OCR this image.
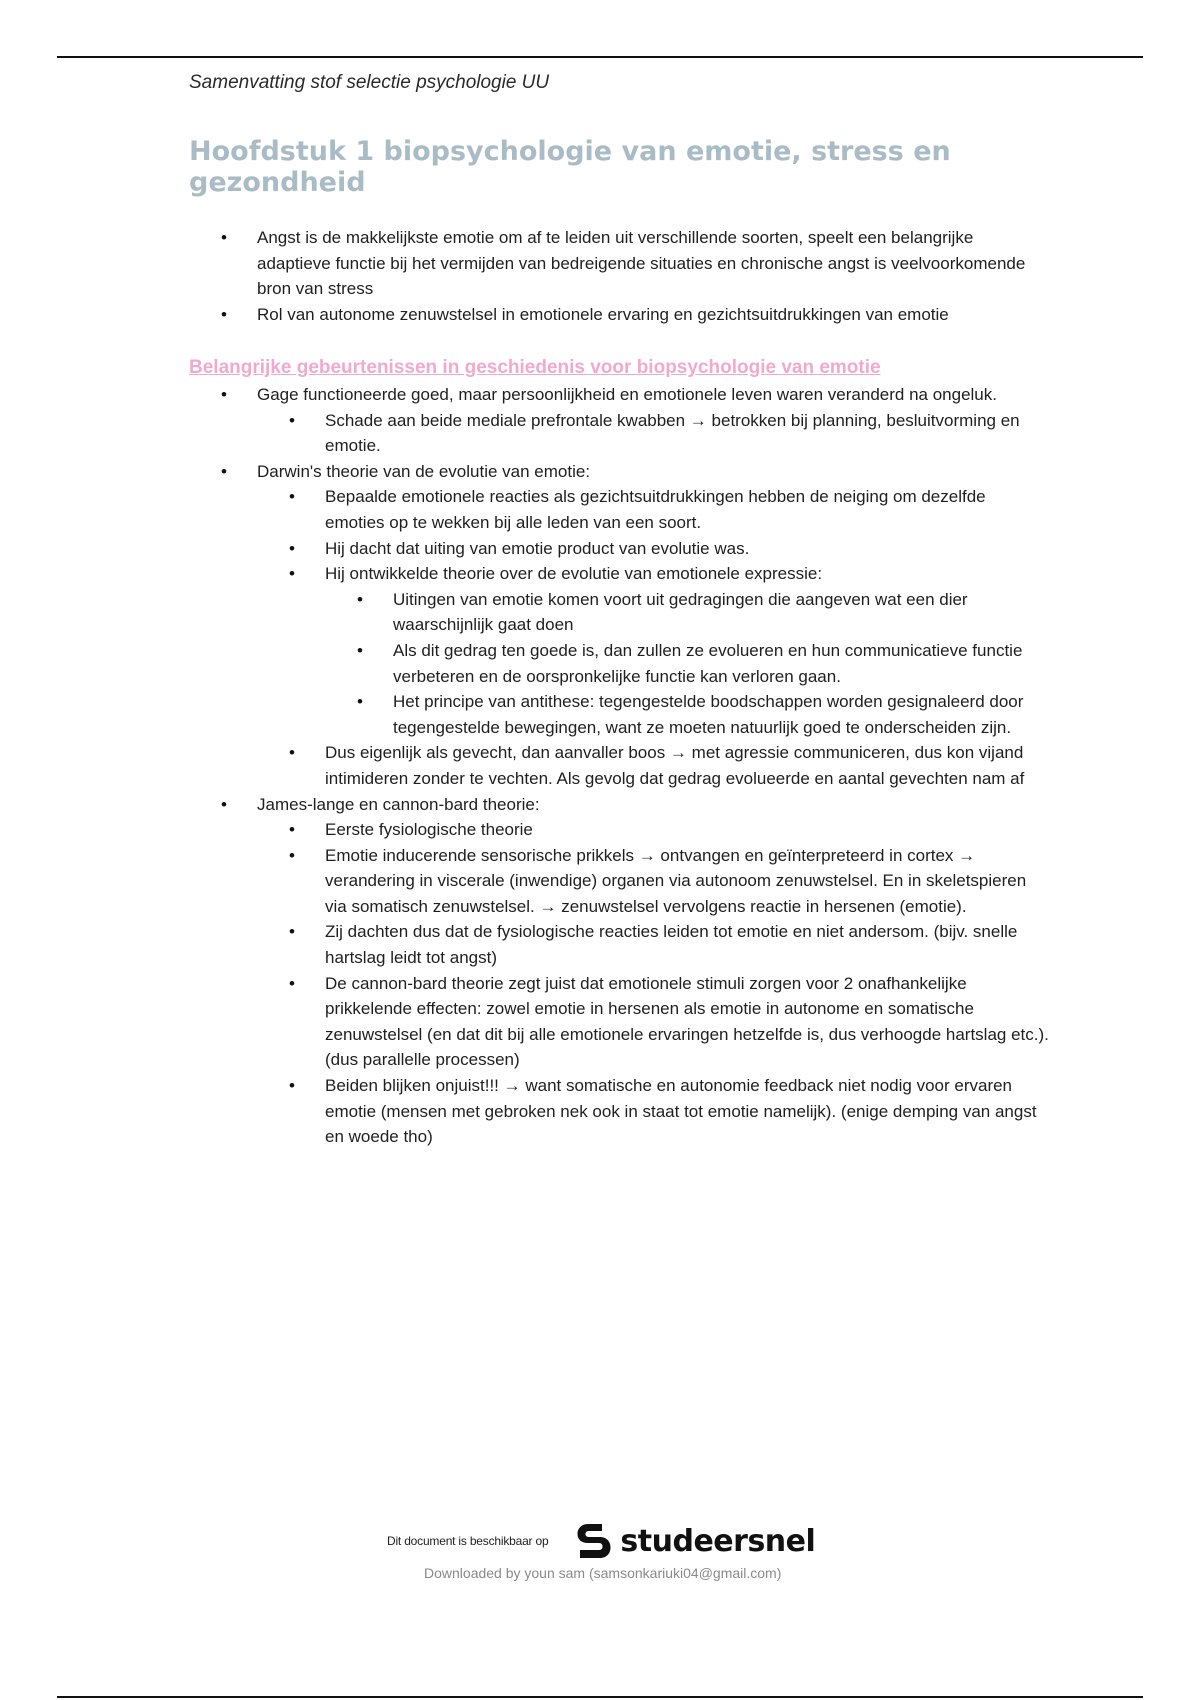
Samenvatting stof selectie psychologie UU
Hoofdstuk 1 biopsychologie van emotie, stress en gezondheid
• Angst is de makkelijkste emotie om af te leiden uit verschillende soorten, speelt een belangrijke adaptieve functie bij het vermijden van bedreigende situaties en chronische angst is veelvoorkomende bron van stress
• Rol van autonome zenuwstelsel in emotionele ervaring en gezichtsuitdrukkingen van emotie
Belangrijke gebeurtenissen in geschiedenis voor biopsychologie van emotie
• Gage functioneerde goed, maar persoonlijkheid en emotionele leven waren veranderd na ongeluk.
• Schade aan beide mediale prefrontale kwabben → betrokken bij planning, besluitvorming en emotie.
• Darwin's theorie van de evolutie van emotie:
• Bepaalde emotionele reacties als gezichtsuitdrukkingen hebben de neiging om dezelfde emoties op te wekken bij alle leden van een soort.
• Hij dacht dat uiting van emotie product van evolutie was.
• Hij ontwikkelde theorie over de evolutie van emotionele expressie:
• Uitingen van emotie komen voort uit gedragingen die aangeven wat een dier waarschijnlijk gaat doen
• Als dit gedrag ten goede is, dan zullen ze evolueren en hun communicatieve functie verbeteren en de oorspronkelijke functie kan verloren gaan.
• Het principe van antithese: tegengestelde boodschappen worden gesignaleerd door tegengestelde bewegingen, want ze moeten natuurlijk goed te onderscheiden zijn.
• Dus eigenlijk als gevecht, dan aanvaller boos → met agressie communiceren, dus kon vijand intimideren zonder te vechten. Als gevolg dat gedrag evolueerde en aantal gevechten nam af
• James-lange en cannon-bard theorie:
• Eerste fysiologische theorie
• Emotie inducerende sensorische prikkels → ontvangen en geïnterpreteerd in cortex → verandering in viscerale (inwendige) organen via autonoom zenuwstelsel. En in skeletspieren via somatisch zenuwstelsel. → zenuwstelsel vervolgens reactie in hersenen (emotie).
• Zij dachten dus dat de fysiologische reacties leiden tot emotie en niet andersom. (bijv. snelle hartslag leidt tot angst)
• De cannon-bard theorie zegt juist dat emotionele stimuli zorgen voor 2 onafhankelijke prikkelende effecten: zowel emotie in hersenen als emotie in autonome en somatische zenuwstelsel (en dat dit bij alle emotionele ervaringen hetzelfde is, dus verhoogde hartslag etc.). (dus parallelle processen)
• Beiden blijken onjuist!!! → want somatische en autonomie feedback niet nodig voor ervaren emotie (mensen met gebroken nek ook in staat tot emotie namelijk). (enige demping van angst en woede tho)
Dit document is beschikbaar op studeersnel
Downloaded by youn sam (samsonkariuki04@gmail.com)
